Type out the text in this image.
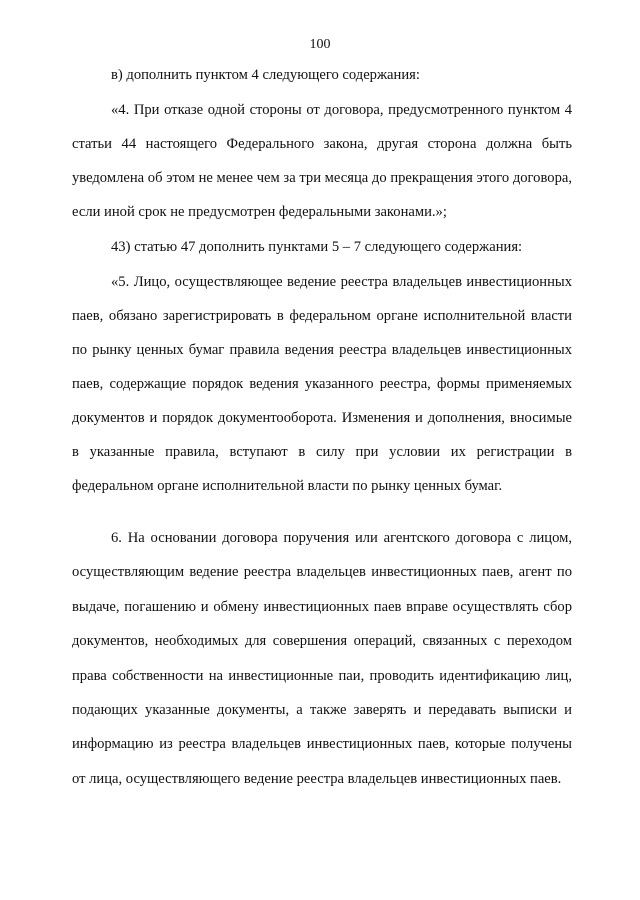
100

в) дополнить пунктом 4 следующего содержания:

«4. При отказе одной стороны от договора, предусмотренного пунктом 4 статьи 44 настоящего Федерального закона, другая сторона должна быть уведомлена об этом не менее чем за три месяца до прекращения этого договора, если иной срок не предусмотрен федеральными законами.»;

43) статью 47 дополнить пунктами 5 – 7 следующего содержания:

«5. Лицо, осуществляющее ведение реестра владельцев инвестиционных паев, обязано зарегистрировать в федеральном органе исполнительной власти по рынку ценных бумаг правила ведения реестра владельцев инвестиционных паев, содержащие порядок ведения указанного реестра, формы применяемых документов и порядок документооборота. Изменения и дополнения, вносимые в указанные правила, вступают в силу при условии их регистрации в федеральном органе исполнительной власти по рынку ценных бумаг.

6. На основании договора поручения или агентского договора с лицом, осуществляющим ведение реестра владельцев инвестиционных паев, агент по выдаче, погашению и обмену инвестиционных паев вправе осуществлять сбор документов, необходимых для совершения операций, связанных с переходом права собственности на инвестиционные паи, проводить идентификацию лиц, подающих указанные документы, а также заверять и передавать выписки и информацию из реестра владельцев инвестиционных паев, которые получены от лица, осуществляющего ведение реестра владельцев инвестиционных паев.
